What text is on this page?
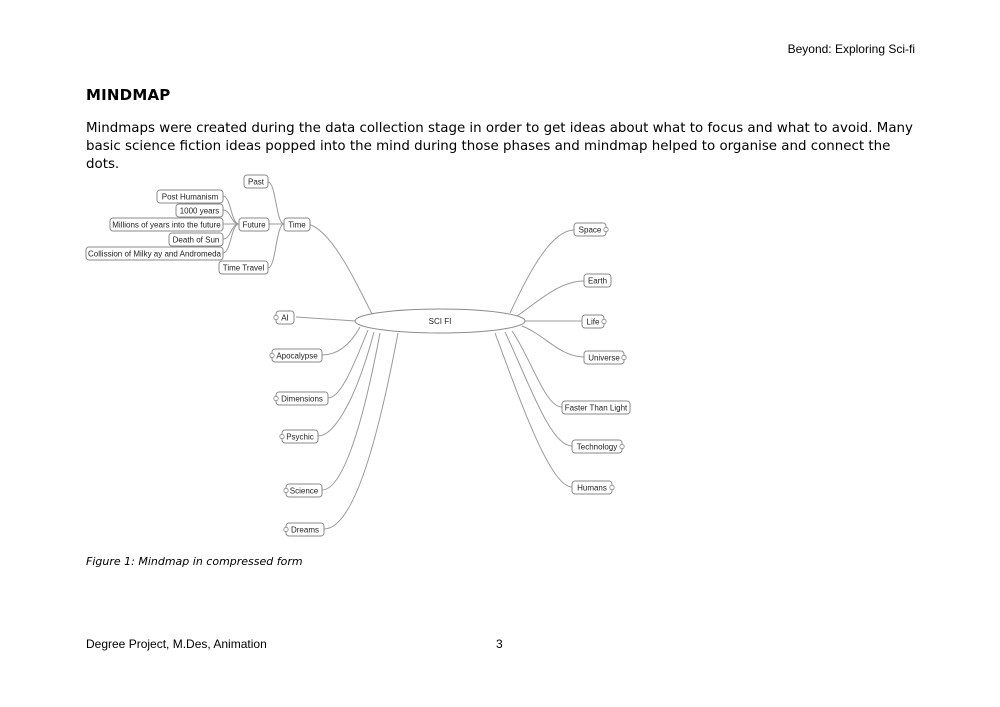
Beyond: Exploring Sci-fi
MINDMAP
Mindmaps were created during the data collection stage in order to get ideas about what to focus and what to avoid. Many basic science fiction ideas popped into the mind during those phases and mindmap helped to organise and connect the dots.
SCI FI
Time
Past
Future
Time Travel
Post Humanism
1000 years
Millions of years into the future
Death of Sun
Collission of Milky ay and Andromeda
AI
Apocalypse
Dimensions
Psychic
Science
Dreams
Space
Earth
Life
Universe
Faster Than Light
Technology
Humans
Figure 1: Mindmap in compressed form
Degree Project, M.Des, Animation	3
